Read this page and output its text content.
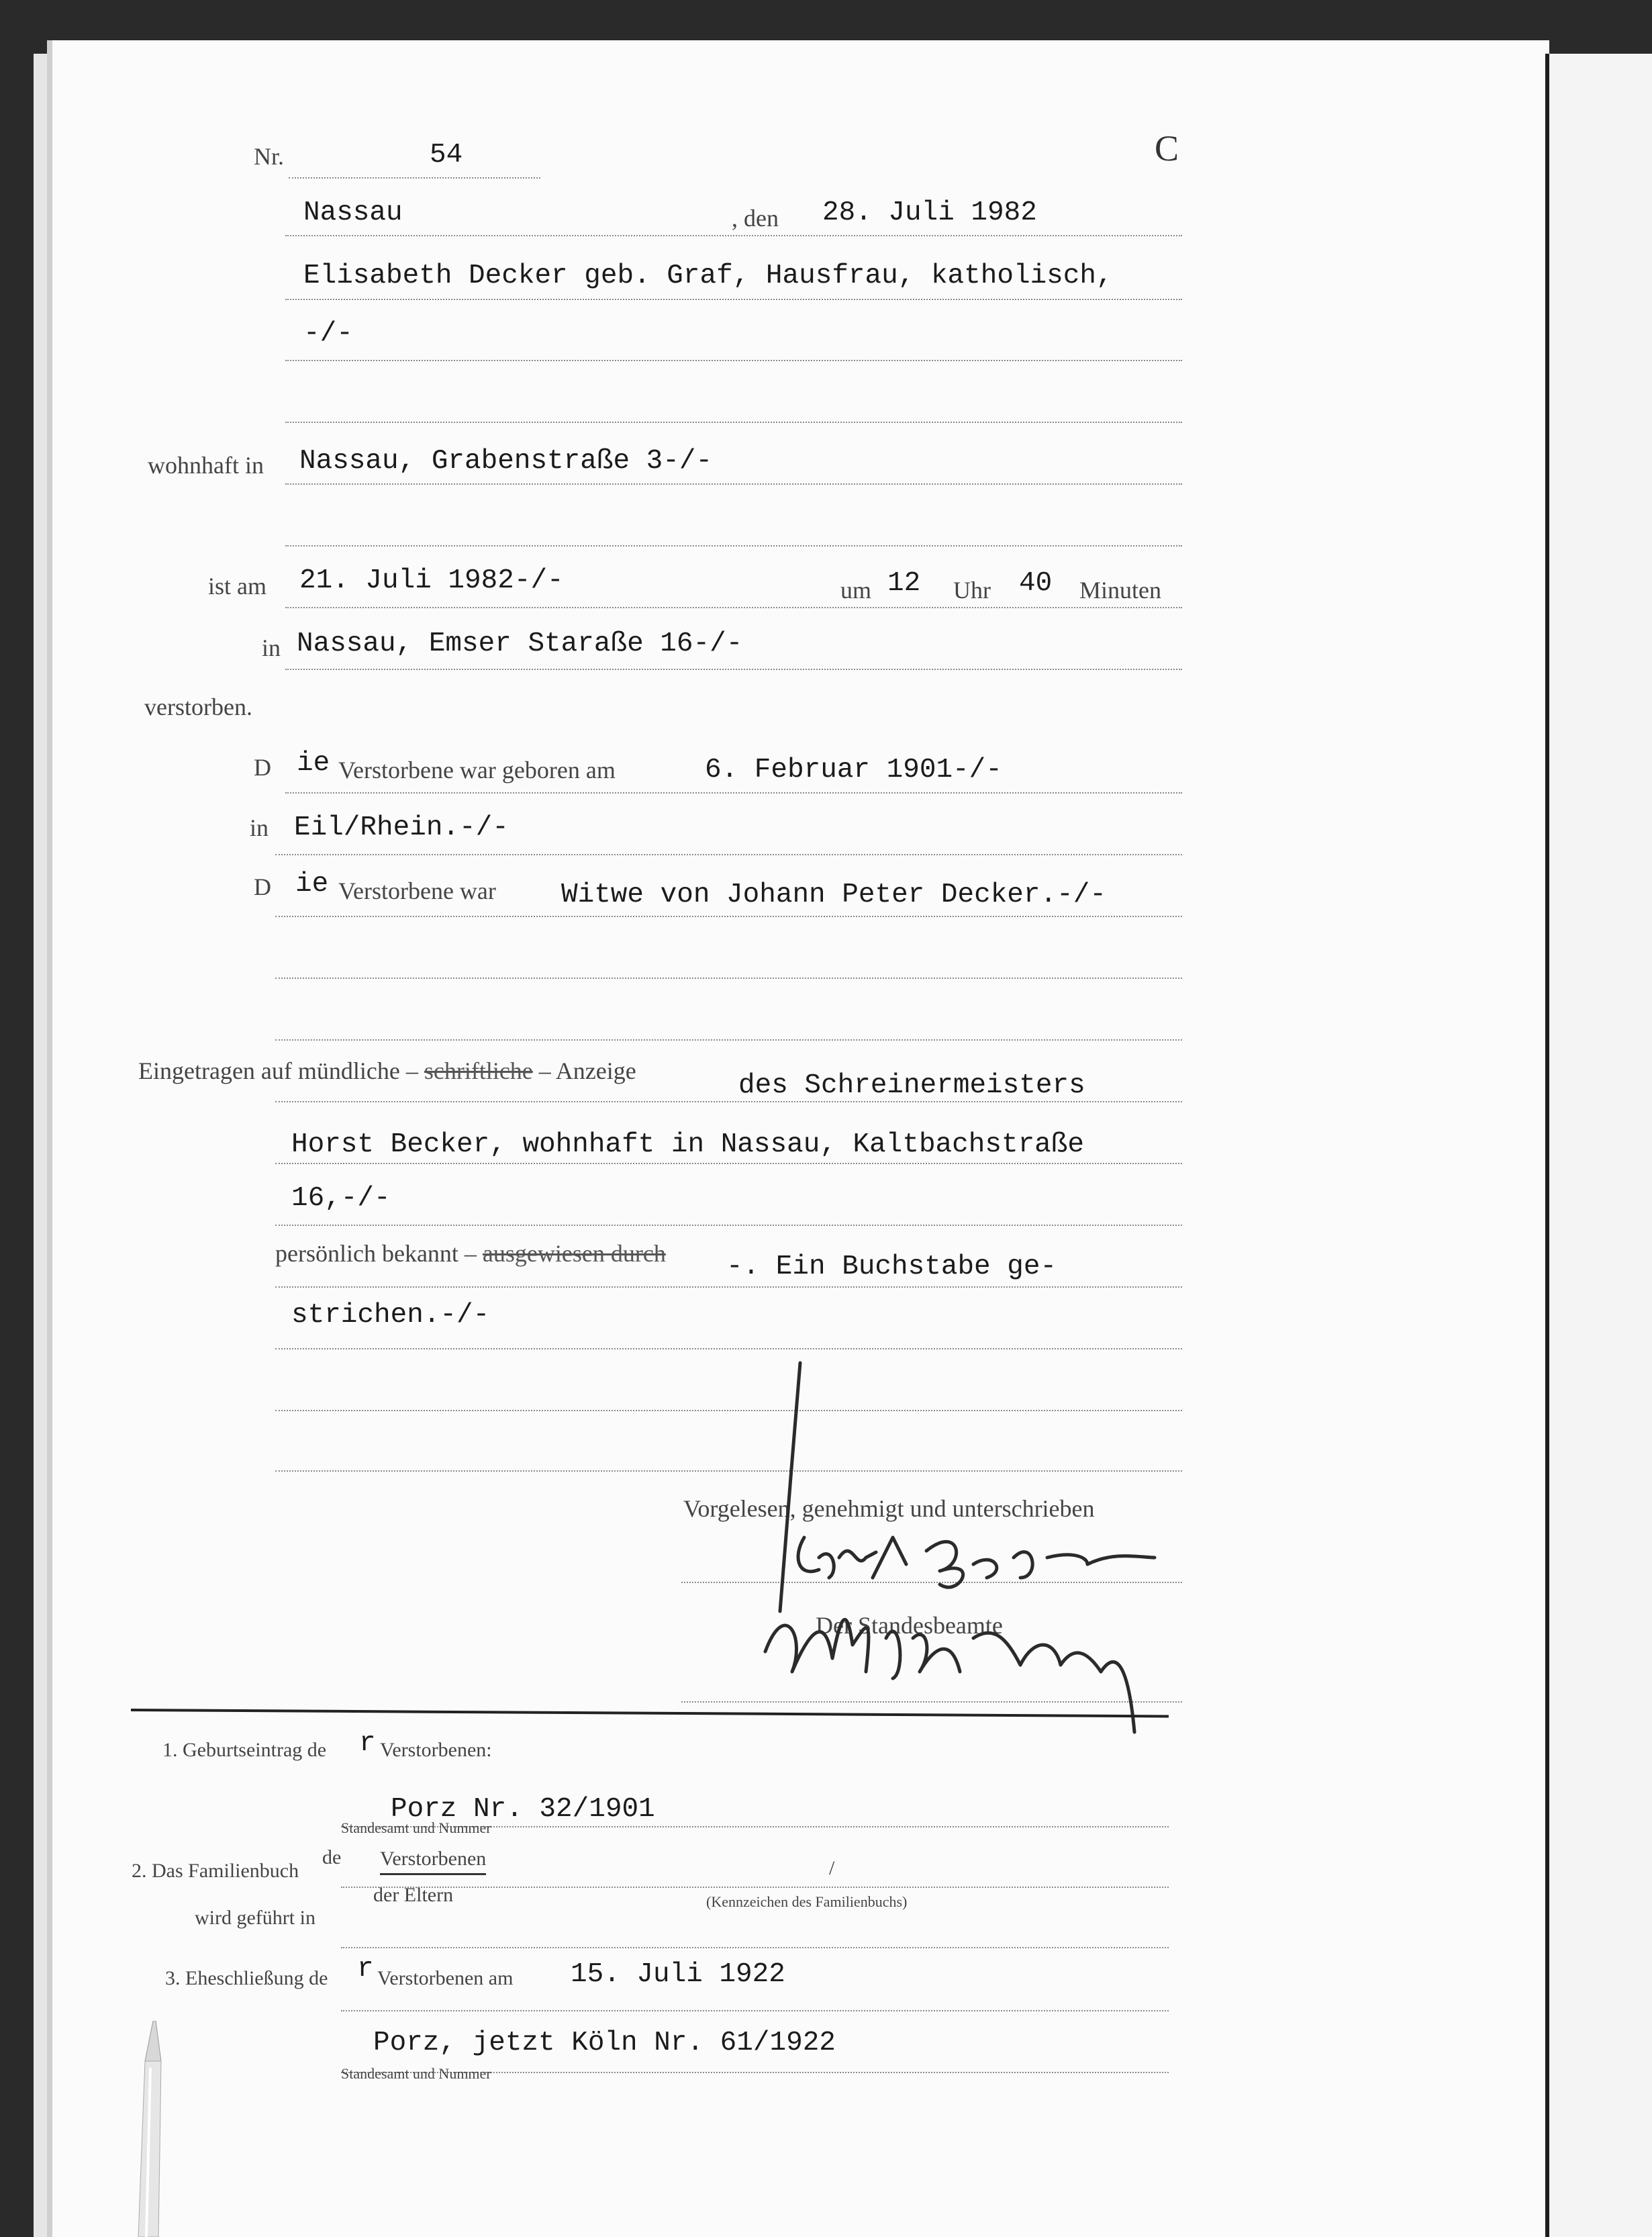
Nr.	54	C
Nassau	, den 28. Juli 1982
Elisabeth Decker geb. Graf, Hausfrau, katholisch,
-/-
wohnhaft in Nassau, Grabenstraße 3-/-
ist am 21. Juli 1982-/-	um 12 Uhr 40 Minuten
in Nassau, Emser Staraße 16-/-
verstorben.
D ie Verstorbene war geboren am	6. Februar 1901-/-
in Eil/Rhein.-/-
D ie Verstorbene war Witwe von Johann Peter Decker.-/-
Eingetragen auf mündliche – schriftliche – Anzeige	des Schreinermeisters
Horst Becker, wohnhaft in Nassau, Kaltbachstraße
16,-/-
persönlich bekannt – ausgewiesen durch -. Ein Buchstabe ge-
strichen.-/-
Vorgelesen, genehmigt und unterschrieben
Der Standesbeamte
1. Geburtseintrag de r Verstorbenen:
Porz Nr. 32/1901
Standesamt und Nummer
2. Das Familienbuch
de Verstorbenen
der Eltern
/
(Kennzeichen des Familienbuchs)
wird geführt in
3. Eheschließung de r Verstorbenen am 15. Juli 1922
Porz, jetzt Köln Nr. 61/1922
Standesamt und Nummer
